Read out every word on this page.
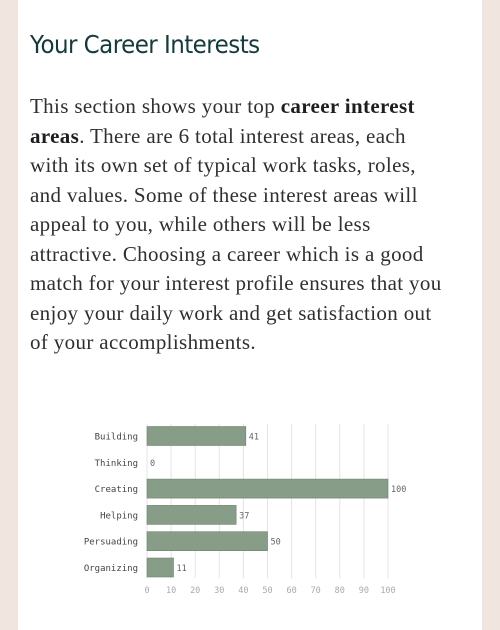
Your Career Interests

This section shows your top career interest areas. There are 6 total interest areas, each with its own set of typical work tasks, roles, and values. Some of these interest areas will appeal to you, while others will be less attractive. Choosing a career which is a good match for your interest profile ensures that you enjoy your daily work and get satisfaction out of your accomplishments.

0 10 20 30 40 50 60 70 80 90 100
Building	41
Thinking 0
Creating	100
Helping	37
Persuading	50
Organizing	11
